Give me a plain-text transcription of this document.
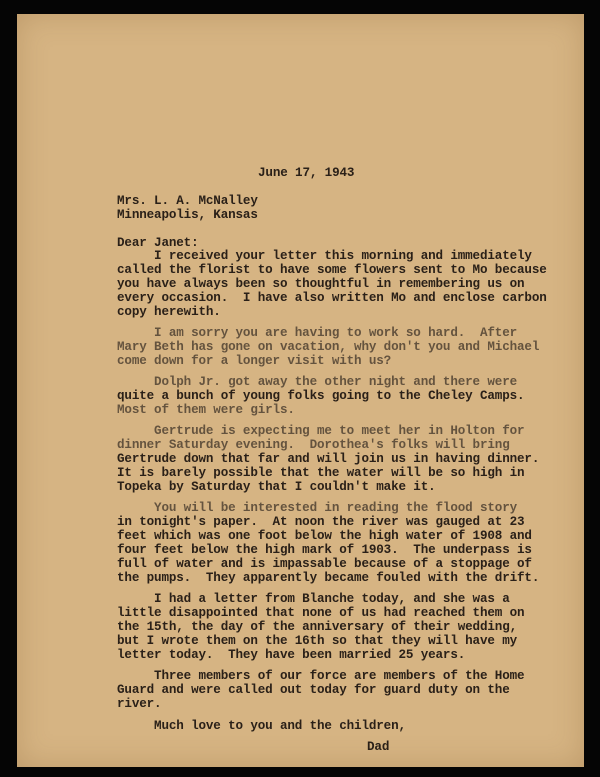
June 17, 1943
Mrs. L. A. McNalley
Minneapolis, Kansas
Dear Janet:
I received your letter this morning and immediately
called the florist to have some flowers sent to Mo because
you have always been so thoughtful in remembering us on
every occasion.  I have also written Mo and enclose carbon
copy herewith.
I am sorry you are having to work so hard.  After
Mary Beth has gone on vacation, why don't you and Michael
come down for a longer visit with us?
Dolph Jr. got away the other night and there were
quite a bunch of young folks going to the Cheley Camps.
Most of them were girls.
Gertrude is expecting me to meet her in Holton for
dinner Saturday evening.  Dorothea's folks will bring
Gertrude down that far and will join us in having dinner.
It is barely possible that the water will be so high in
Topeka by Saturday that I couldn't make it.
You will be interested in reading the flood story
in tonight's paper.  At noon the river was gauged at 23
feet which was one foot below the high water of 1908 and
four feet below the high mark of 1903.  The underpass is
full of water and is impassable because of a stoppage of
the pumps.  They apparently became fouled with the drift.
I had a letter from Blanche today, and she was a
little disappointed that none of us had reached them on
the 15th, the day of the anniversary of their wedding,
but I wrote them on the 16th so that they will have my
letter today.  They have been married 25 years.
Three members of our force are members of the Home
Guard and were called out today for guard duty on the
river.
Much love to you and the children,
Dad
